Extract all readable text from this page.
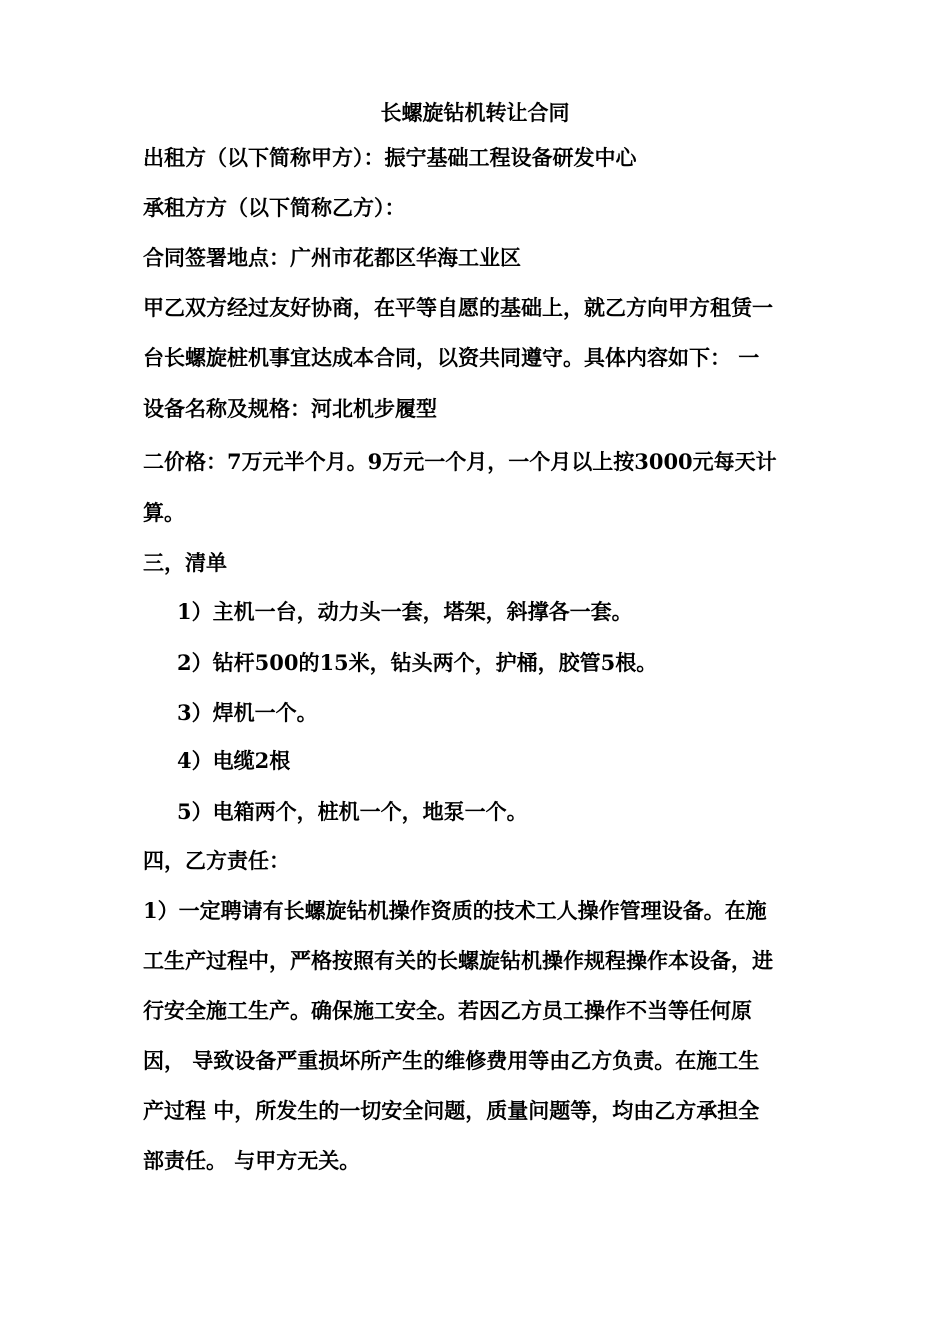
长螺旋钻机转让合同
出租方（以下简称甲方）：振宁基础工程设备研发中心
承租方方（以下简称乙方）：
合同签署地点：广州市花都区华海工业区
甲乙双方经过友好协商，在平等自愿的基础上，就乙方向甲方租赁一
台长螺旋桩机事宜达成本合同，以资共同遵守。具体内容如下： 一
设备名称及规格：河北机步履型
二价格：7万元半个月。9万元一个月，一个月以上按3000元每天计
算。
三，清单
1）主机一台，动力头一套，塔架，斜撑各一套。
2）钻杆500的15米，钻头两个，护桶，胶管5根。
3）焊机一个。
4）电缆2根
5）电箱两个，桩机一个，地泵一个。
四，乙方责任：
1）一定聘请有长螺旋钻机操作资质的技术工人操作管理设备。在施
工生产过程中，严格按照有关的长螺旋钻机操作规程操作本设备，进
行安全施工生产。确保施工安全。若因乙方员工操作不当等任何原
因， 导致设备严重损坏所产生的维修费用等由乙方负责。在施工生
产过程 中，所发生的一切安全问题，质量问题等，均由乙方承担全
部责任。 与甲方无关。
